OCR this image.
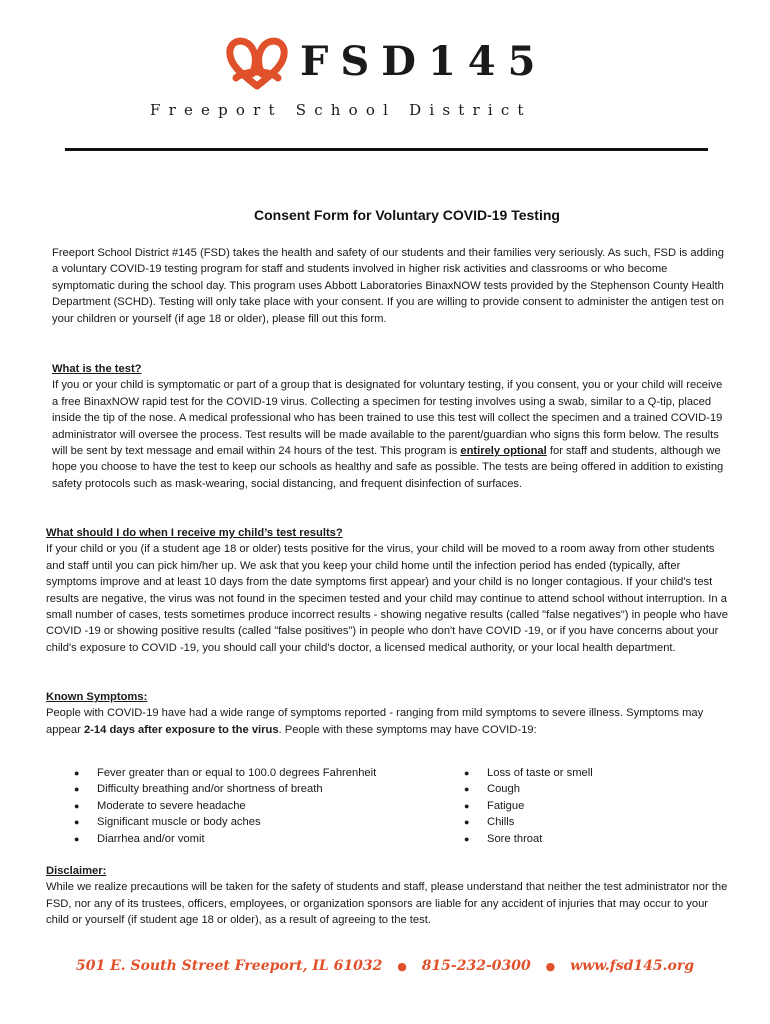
FSD145
Freeport School District
Consent Form for Voluntary COVID-19 Testing
Freeport School District #145 (FSD) takes the health and safety of our students and their families very seriously. As such, FSD is adding a voluntary COVID-19 testing program for staff and students involved in higher risk activities and classrooms or who become symptomatic during the school day. This program uses Abbott Laboratories BinaxNOW tests provided by the Stephenson County Health Department (SCHD). Testing will only take place with your consent. If you are willing to provide consent to administer the antigen test on your children or yourself (if age 18 or older), please fill out this form.
What is the test?
If you or your child is symptomatic or part of a group that is designated for voluntary testing, if you consent, you or your child will receive a free BinaxNOW rapid test for the COVID-19 virus. Collecting a specimen for testing involves using a swab, similar to a Q-tip, placed inside the tip of the nose. A medical professional who has been trained to use this test will collect the specimen and a trained COVID-19 administrator will oversee the process. Test results will be made available to the parent/guardian who signs this form below. The results will be sent by text message and email within 24 hours of the test. This program is entirely optional for staff and students, although we hope you choose to have the test to keep our schools as healthy and safe as possible. The tests are being offered in addition to existing safety protocols such as mask-wearing, social distancing, and frequent disinfection of surfaces.
What should I do when I receive my child’s test results?
If your child or you (if a student age 18 or older) tests positive for the virus, your child will be moved to a room away from other students and staff until you can pick him/her up. We ask that you keep your child home until the infection period has ended (typically, after symptoms improve and at least 10 days from the date symptoms first appear) and your child is no longer contagious. If your child's test results are negative, the virus was not found in the specimen tested and your child may continue to attend school without interruption. In a small number of cases, tests sometimes produce incorrect results - showing negative results (called "false negatives") in people who have COVID -19 or showing positive results (called "false positives") in people who don't have COVID -19, or if you have concerns about your child's exposure to COVID -19, you should call your child's doctor, a licensed medical authority, or your local health department.
Known Symptoms:
People with COVID-19 have had a wide range of symptoms reported - ranging from mild symptoms to severe illness. Symptoms may appear 2-14 days after exposure to the virus. People with these symptoms may have COVID-19:
● Fever greater than or equal to 100.0 degrees Fahrenheit
● Difficulty breathing and/or shortness of breath
● Moderate to severe headache
● Significant muscle or body aches
● Diarrhea and/or vomit
● Loss of taste or smell
● Cough
● Fatigue
● Chills
● Sore throat
Disclaimer:
While we realize precautions will be taken for the safety of students and staff, please understand that neither the test administrator nor the FSD, nor any of its trustees, officers, employees, or organization sponsors are liable for any accident of injuries that may occur to your child or yourself (if student age 18 or older), as a result of agreeing to the test.
501 E. South Street Freeport, IL 61032 ● 815-232-0300 ● www.fsd145.org
